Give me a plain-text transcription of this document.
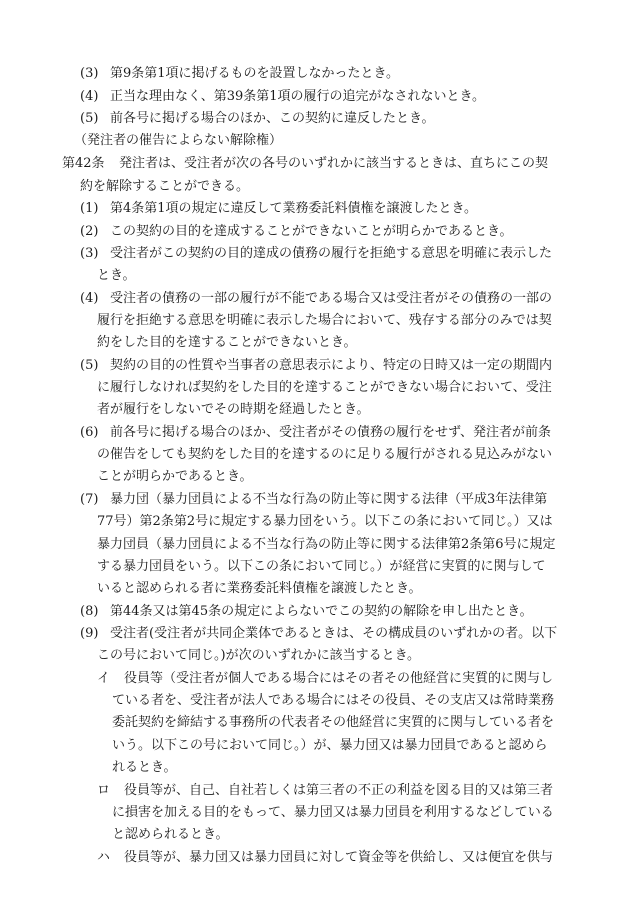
(3) 第9条第1項に掲げるものを設置しなかったとき。
(4) 正当な理由なく、第39条第1項の履行の追完がなされないとき。
(5) 前各号に掲げる場合のほか、この契約に違反したとき。
（発注者の催告によらない解除権）
第42条 発注者は、受注者が次の各号のいずれかに該当するときは、直ちにこの契
約を解除することができる。
(1) 第4条第1項の規定に違反して業務委託料債権を譲渡したとき。
(2) この契約の目的を達成することができないことが明らかであるとき。
(3) 受注者がこの契約の目的達成の債務の履行を拒絶する意思を明確に表示した
とき。
(4) 受注者の債務の一部の履行が不能である場合又は受注者がその債務の一部の
履行を拒絶する意思を明確に表示した場合において、残存する部分のみでは契
約をした目的を達することができないとき。
(5) 契約の目的の性質や当事者の意思表示により、特定の日時又は一定の期間内
に履行しなければ契約をした目的を達することができない場合において、受注
者が履行をしないでその時期を経過したとき。
(6) 前各号に掲げる場合のほか、受注者がその債務の履行をせず、発注者が前条
の催告をしても契約をした目的を達するのに足りる履行がされる見込みがない
ことが明らかであるとき。
(7) 暴力団（暴力団員による不当な行為の防止等に関する法律（平成3年法律第
77号）第2条第2号に規定する暴力団をいう。以下この条において同じ。）又は
暴力団員（暴力団員による不当な行為の防止等に関する法律第2条第6号に規定
する暴力団員をいう。以下この条において同じ。）が経営に実質的に関与して
いると認められる者に業務委託料債権を譲渡したとき。
(8) 第44条又は第45条の規定によらないでこの契約の解除を申し出たとき。
(9) 受注者(受注者が共同企業体であるときは、その構成員のいずれかの者。以下
この号において同じ。)が次のいずれかに該当するとき。
イ 役員等（受注者が個人である場合にはその者その他経営に実質的に関与し
ている者を、受注者が法人である場合にはその役員、その支店又は常時業務
委託契約を締結する事務所の代表者その他経営に実質的に関与している者を
いう。以下この号において同じ。）が、暴力団又は暴力団員であると認めら
れるとき。
ロ 役員等が、自己、自社若しくは第三者の不正の利益を図る目的又は第三者
に損害を加える目的をもって、暴力団又は暴力団員を利用するなどしている
と認められるとき。
ハ 役員等が、暴力団又は暴力団員に対して資金等を供給し、又は便宜を供与
